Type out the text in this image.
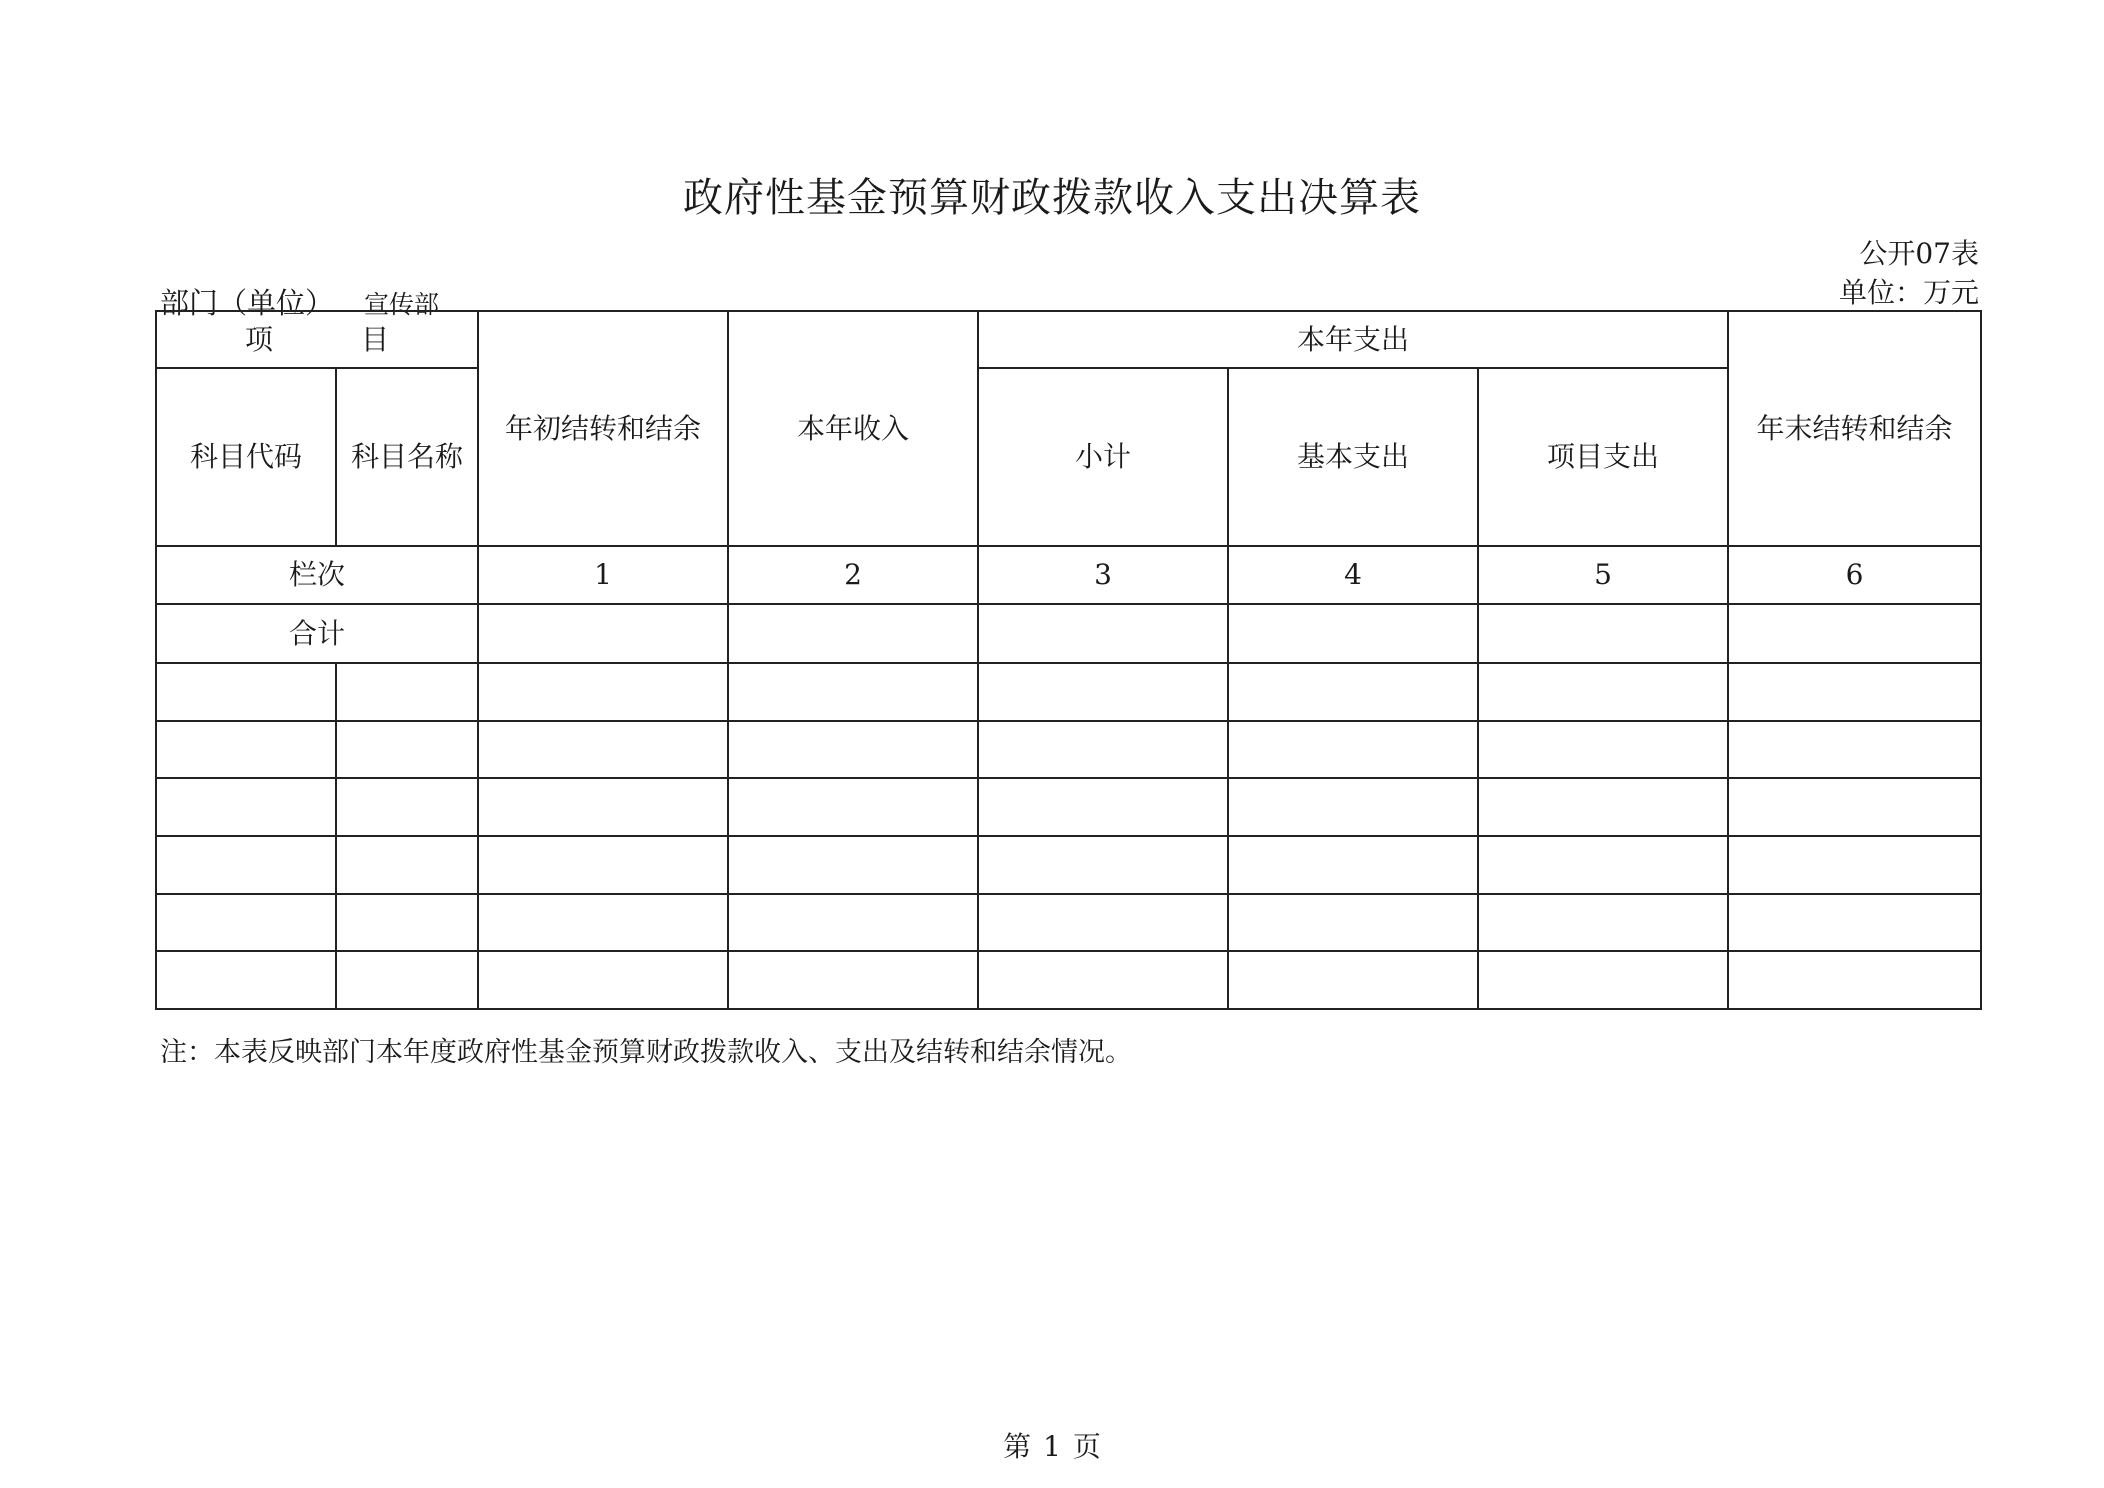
政府性基金预算财政拨款收入支出决算表
公开07表
单位：万元
部门（单位） 宣传部
项　目		年初结转和结余	本年收入	本年支出			年末结转和结余
科目代码	科目名称			小计	基本支出	项目支出	
栏次		1	2	3	4	5	6
合计							

注：本表反映部门本年度政府性基金预算财政拨款收入、支出及结转和结余情况。
第 1 页
